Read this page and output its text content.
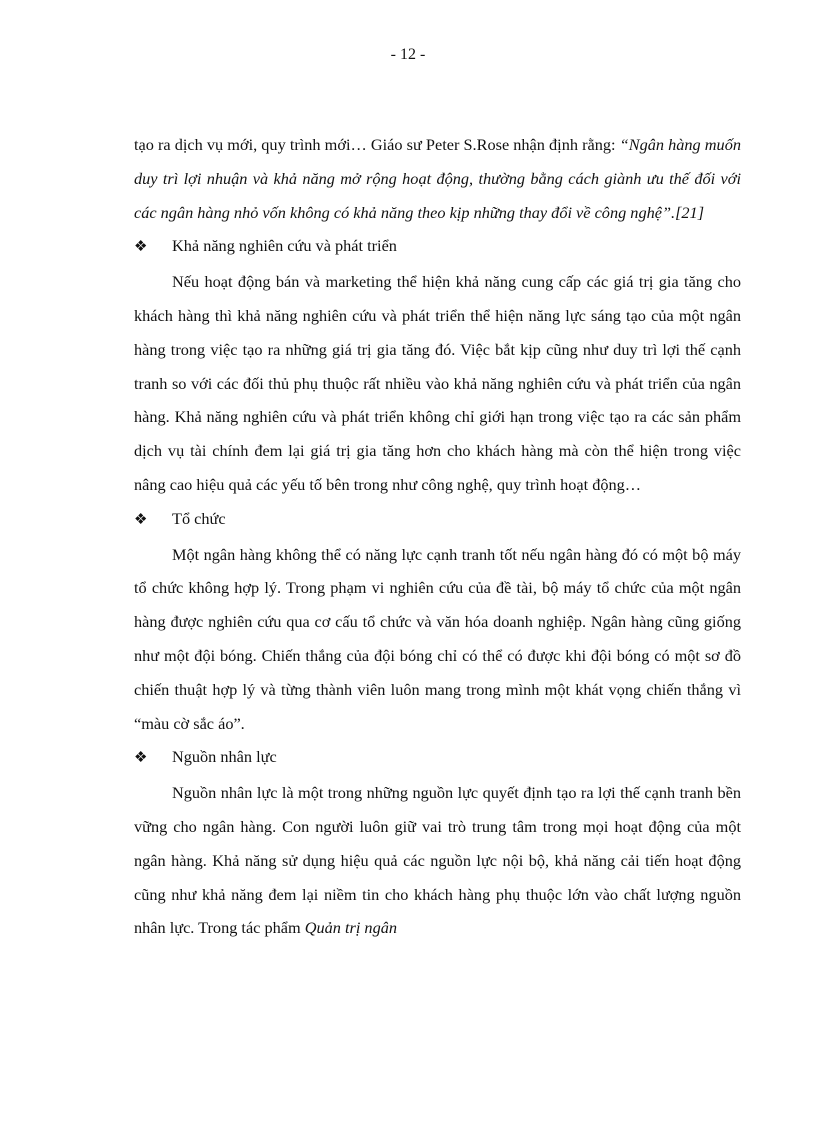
- 12 -

tạo ra dịch vụ mới, quy trình mới… Giáo sư Peter S.Rose nhận định rằng: “Ngân hàng muốn duy trì lợi nhuận và khả năng mở rộng hoạt động, thường bằng cách giành ưu thế đối với các ngân hàng nhỏ vốn không có khả năng theo kịp những thay đổi về công nghệ”.[21]

❖	Khả năng nghiên cứu và phát triển

Nếu hoạt động bán và marketing thể hiện khả năng cung cấp các giá trị gia tăng cho khách hàng thì khả năng nghiên cứu và phát triển thể hiện năng lực sáng tạo của một ngân hàng trong việc tạo ra những giá trị gia tăng đó. Việc bắt kịp cũng như duy trì lợi thế cạnh tranh so với các đối thủ phụ thuộc rất nhiều vào khả năng nghiên cứu và phát triển của ngân hàng. Khả năng nghiên cứu và phát triển không chỉ giới hạn trong việc tạo ra các sản phẩm dịch vụ tài chính đem lại giá trị gia tăng hơn cho khách hàng mà còn thể hiện trong việc nâng cao hiệu quả các yếu tố bên trong như công nghệ, quy trình hoạt động…

❖	Tổ chức

Một ngân hàng không thể có năng lực cạnh tranh tốt nếu ngân hàng đó có một bộ máy tổ chức không hợp lý. Trong phạm vi nghiên cứu của đề tài, bộ máy tổ chức của một ngân hàng được nghiên cứu qua cơ cấu tổ chức và văn hóa doanh nghiệp. Ngân hàng cũng giống như một đội bóng. Chiến thắng của đội bóng chỉ có thể có được khi đội bóng có một sơ đồ chiến thuật hợp lý và từng thành viên luôn mang trong mình một khát vọng chiến thắng vì “màu cờ sắc áo”.

❖	Nguồn nhân lực

Nguồn nhân lực là một trong những nguồn lực quyết định tạo ra lợi thế cạnh tranh bền vững cho ngân hàng. Con người luôn giữ vai trò trung tâm trong mọi hoạt động của một ngân hàng. Khả năng sử dụng hiệu quả các nguồn lực nội bộ, khả năng cải tiến hoạt động cũng như khả năng đem lại niềm tin cho khách hàng phụ thuộc lớn vào chất lượng nguồn nhân lực. Trong tác phẩm Quản trị ngân
